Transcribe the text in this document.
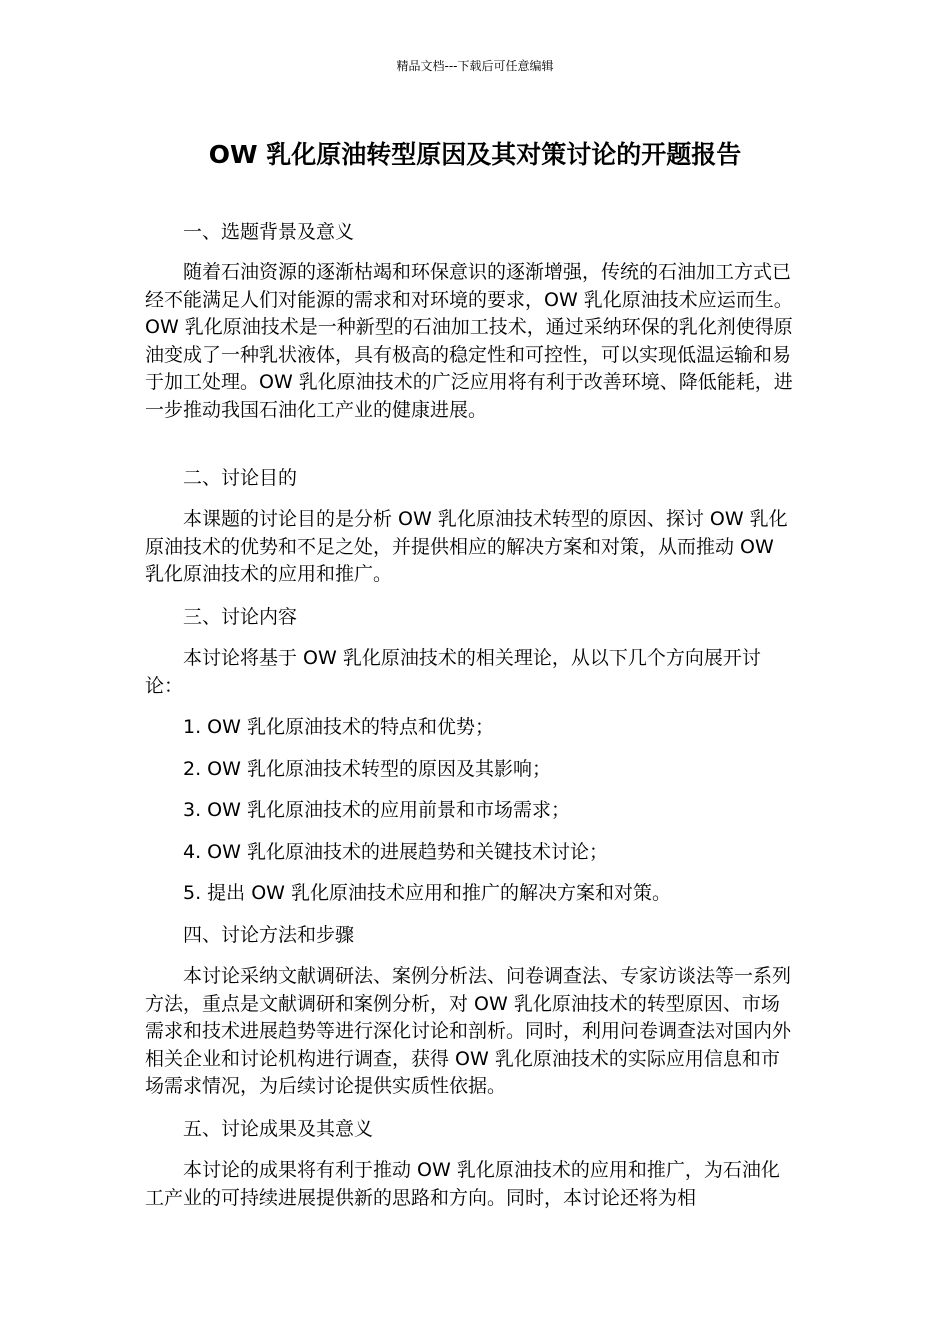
精品文档---下载后可任意编辑
OW 乳化原油转型原因及其对策讨论的开题报告

一、选题背景及意义

随着石油资源的逐渐枯竭和环保意识的逐渐增强，传统的石油加工方式已经不能满足人们对能源的需求和对环境的要求，OW 乳化原油技术应运而生。OW 乳化原油技术是一种新型的石油加工技术，通过采纳环保的乳化剂使得原油变成了一种乳状液体，具有极高的稳定性和可控性，可以实现低温运输和易于加工处理。OW 乳化原油技术的广泛应用将有利于改善环境、降低能耗，进一步推动我国石油化工产业的健康进展。

二、讨论目的

本课题的讨论目的是分析 OW 乳化原油技术转型的原因、探讨 OW 乳化原油技术的优势和不足之处，并提供相应的解决方案和对策，从而推动 OW 乳化原油技术的应用和推广。

三、讨论内容

本讨论将基于 OW 乳化原油技术的相关理论，从以下几个方向展开讨论：

1. OW 乳化原油技术的特点和优势；

2. OW 乳化原油技术转型的原因及其影响；

3. OW 乳化原油技术的应用前景和市场需求；

4. OW 乳化原油技术的进展趋势和关键技术讨论；

5. 提出 OW 乳化原油技术应用和推广的解决方案和对策。

四、讨论方法和步骤

本讨论采纳文献调研法、案例分析法、问卷调查法、专家访谈法等一系列方法，重点是文献调研和案例分析，对 OW 乳化原油技术的转型原因、市场需求和技术进展趋势等进行深化讨论和剖析。同时，利用问卷调查法对国内外相关企业和讨论机构进行调查，获得 OW 乳化原油技术的实际应用信息和市场需求情况，为后续讨论提供实质性依据。

五、讨论成果及其意义

本讨论的成果将有利于推动 OW 乳化原油技术的应用和推广，为石油化工产业的可持续进展提供新的思路和方向。同时，本讨论还将为相
